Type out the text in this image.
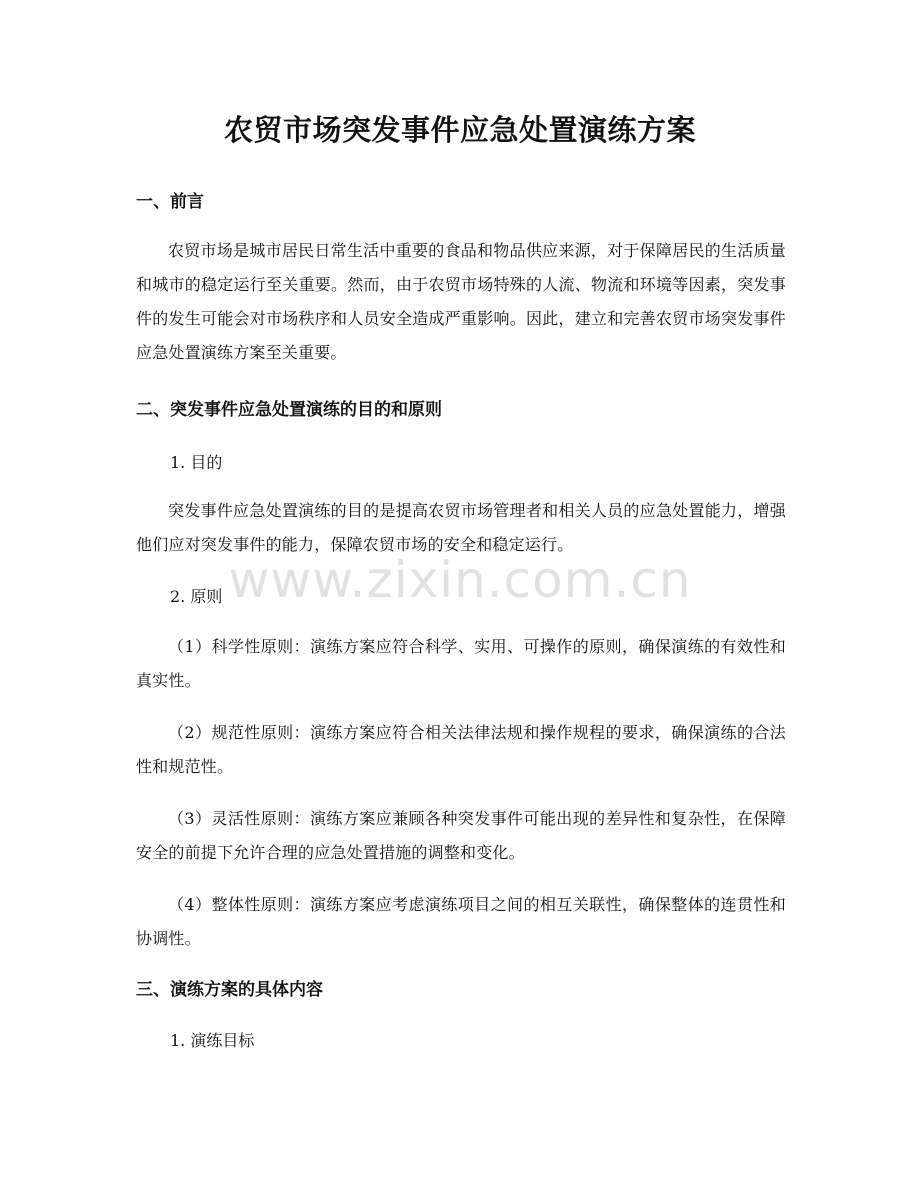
农贸市场突发事件应急处置演练方案
一、前言

农贸市场是城市居民日常生活中重要的食品和物品供应来源，对于保障居民的生活质量和城市的稳定运行至关重要。然而，由于农贸市场特殊的人流、物流和环境等因素，突发事件的发生可能会对市场秩序和人员安全造成严重影响。因此，建立和完善农贸市场突发事件应急处置演练方案至关重要。

二、突发事件应急处置演练的目的和原则
1. 目的

突发事件应急处置演练的目的是提高农贸市场管理者和相关人员的应急处置能力，增强他们应对突发事件的能力，保障农贸市场的安全和稳定运行。

www.zixin.com.cn
2. 原则

（1）科学性原则：演练方案应符合科学、实用、可操作的原则，确保演练的有效性和真实性。

（2）规范性原则：演练方案应符合相关法律法规和操作规程的要求，确保演练的合法性和规范性。

（3）灵活性原则：演练方案应兼顾各种突发事件可能出现的差异性和复杂性，在保障安全的前提下允许合理的应急处置措施的调整和变化。

（4）整体性原则：演练方案应考虑演练项目之间的相互关联性，确保整体的连贯性和协调性。

三、演练方案的具体内容
1. 演练目标
